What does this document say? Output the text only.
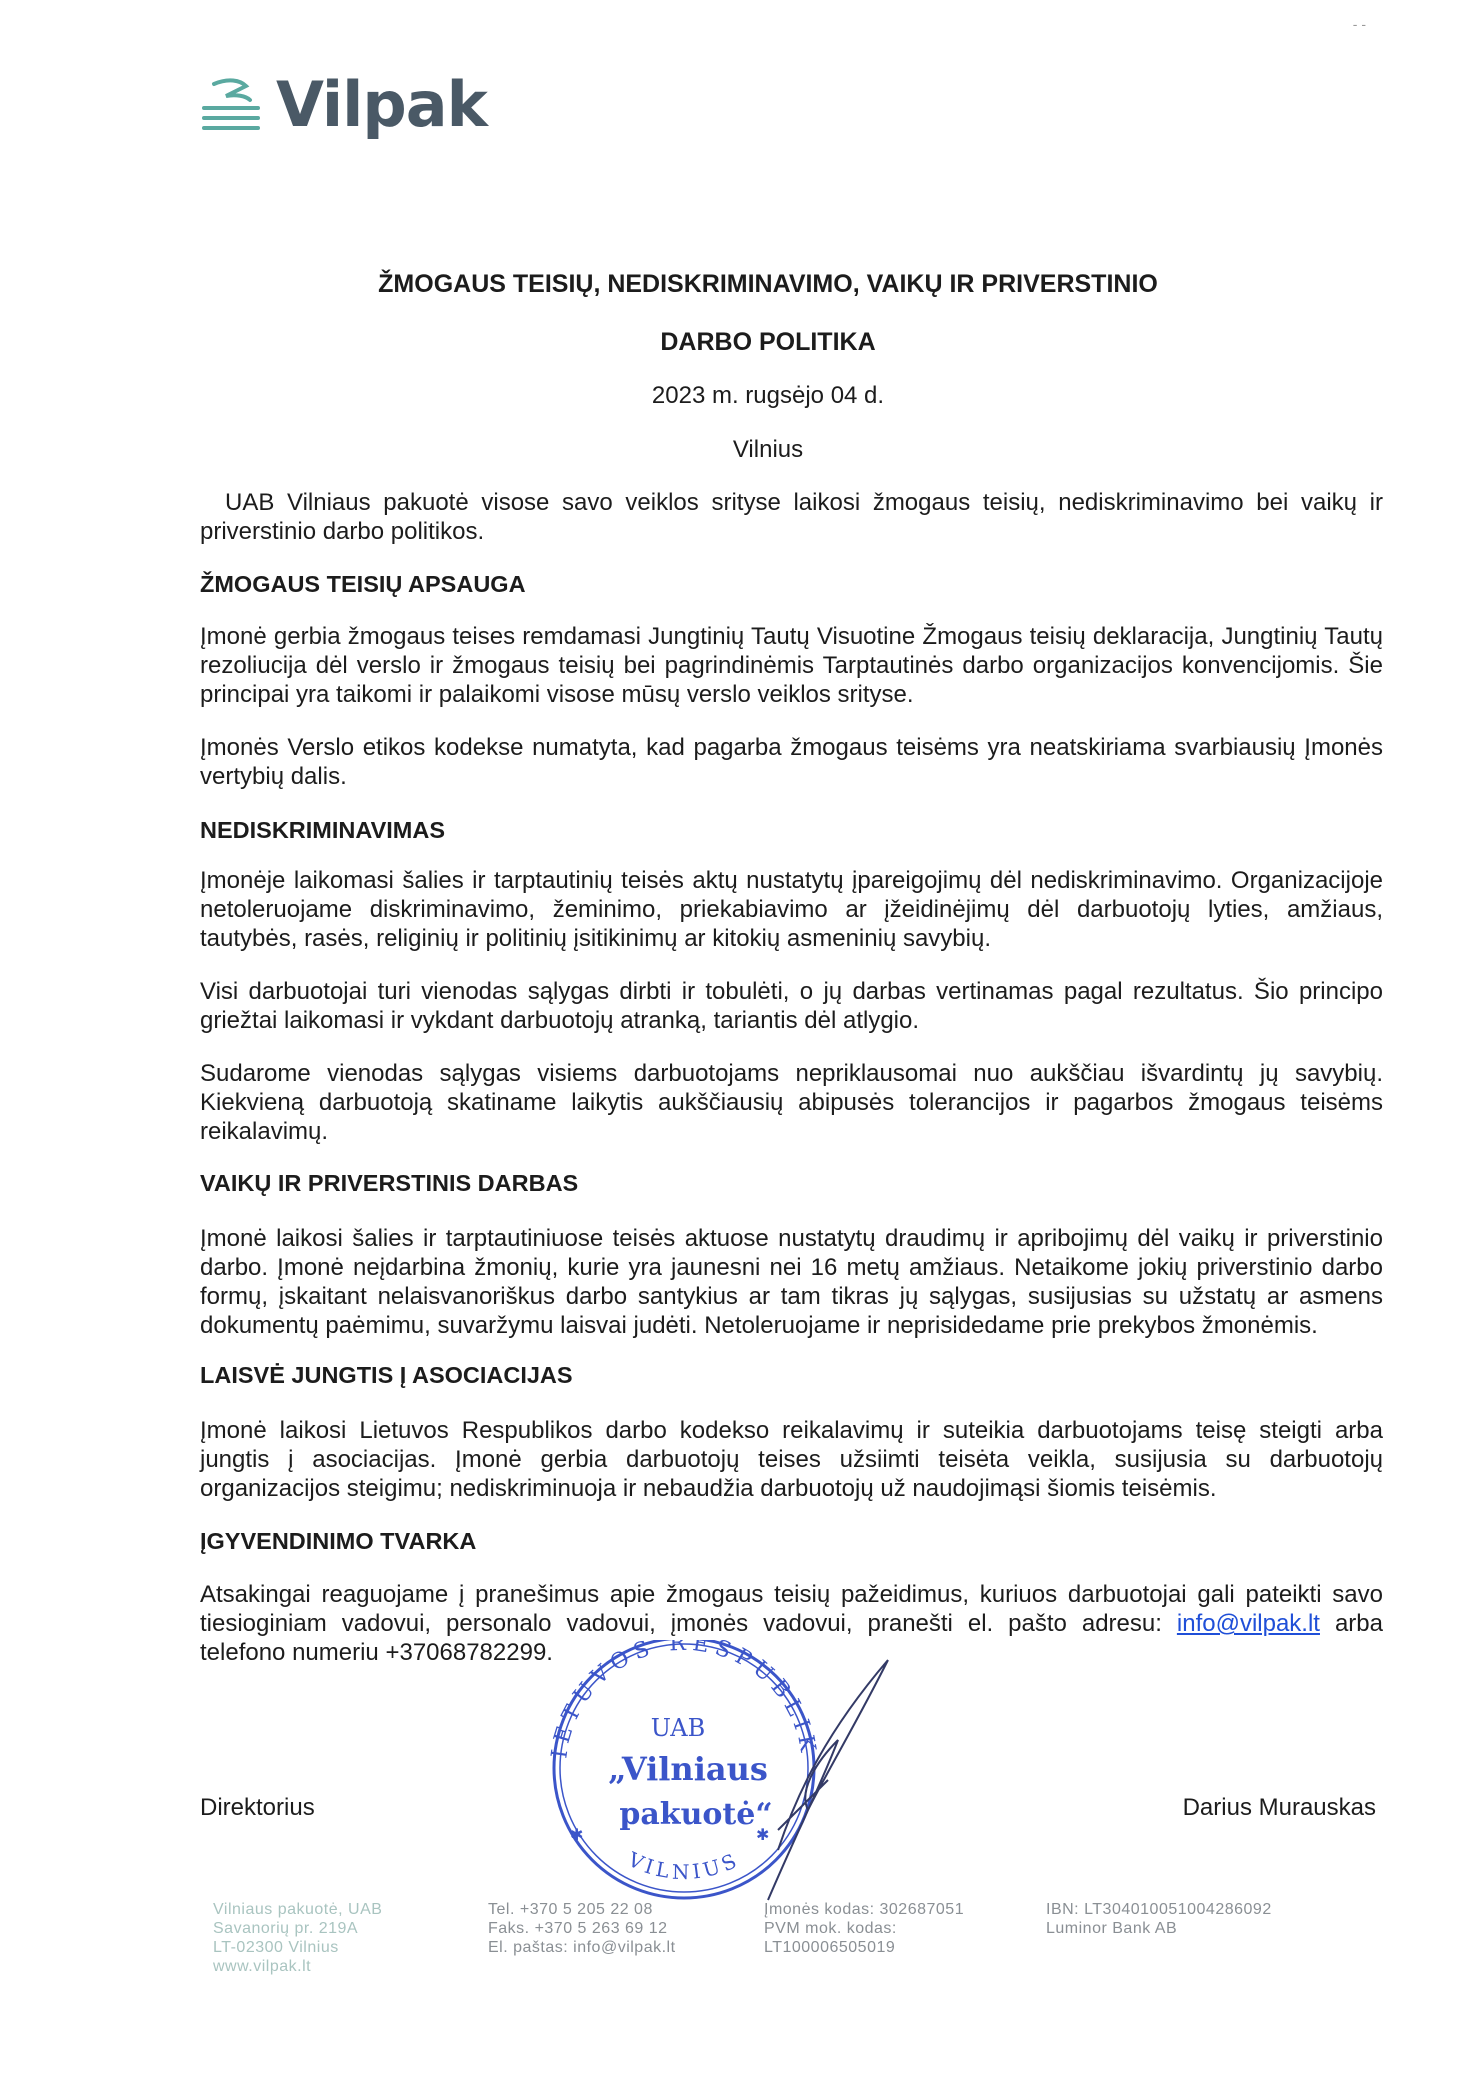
Vilpak
- -
ŽMOGAUS TEISIŲ, NEDISKRIMINAVIMO, VAIKŲ IR PRIVERSTINIO
DARBO POLITIKA
2023 m. rugsėjo 04 d.
Vilnius
UAB Vilniaus pakuotė visose savo veiklos srityse laikosi žmogaus teisių, nediskriminavimo bei vaikų ir priverstinio darbo politikos.
ŽMOGAUS TEISIŲ APSAUGA
Įmonė gerbia žmogaus teises remdamasi Jungtinių Tautų Visuotine Žmogaus teisių deklaracija, Jungtinių Tautų rezoliucija dėl verslo ir žmogaus teisių bei pagrindinėmis Tarptautinės darbo organizacijos konvencijomis. Šie principai yra taikomi ir palaikomi visose mūsų verslo veiklos srityse.
Įmonės Verslo etikos kodekse numatyta, kad pagarba žmogaus teisėms yra neatskiriama svarbiausių Įmonės vertybių dalis.
NEDISKRIMINAVIMAS
Įmonėje laikomasi šalies ir tarptautinių teisės aktų nustatytų įpareigojimų dėl nediskriminavimo. Organizacijoje netoleruojame diskriminavimo, žeminimo, priekabiavimo ar įžeidinėjimų dėl darbuotojų lyties, amžiaus, tautybės, rasės, religinių ir politinių įsitikinimų ar kitokių asmeninių savybių.
Visi darbuotojai turi vienodas sąlygas dirbti ir tobulėti, o jų darbas vertinamas pagal rezultatus. Šio principo griežtai laikomasi ir vykdant darbuotojų atranką, tariantis dėl atlygio.
Sudarome vienodas sąlygas visiems darbuotojams nepriklausomai nuo aukščiau išvardintų jų savybių. Kiekvieną darbuotoją skatiname laikytis aukščiausių abipusės tolerancijos ir pagarbos žmogaus teisėms reikalavimų.
VAIKŲ IR PRIVERSTINIS DARBAS
Įmonė laikosi šalies ir tarptautiniuose teisės aktuose nustatytų draudimų ir apribojimų dėl vaikų ir priverstinio darbo. Įmonė neįdarbina žmonių, kurie yra jaunesni nei 16 metų amžiaus. Netaikome jokių priverstinio darbo formų, įskaitant nelaisvanoriškus darbo santykius ar tam tikras jų sąlygas, susijusias su užstatų ar asmens dokumentų paėmimu, suvaržymu laisvai judėti. Netoleruojame ir neprisidedame prie prekybos žmonėmis.
LAISVĖ JUNGTIS Į ASOCIACIJAS
Įmonė laikosi Lietuvos Respublikos darbo kodekso reikalavimų ir suteikia darbuotojams teisę steigti arba jungtis į asociacijas. Įmonė gerbia darbuotojų teises užsiimti teisėta veikla, susijusia su darbuotojų organizacijos steigimu; nediskriminuoja ir nebaudžia darbuotojų už naudojimąsi šiomis teisėmis.
ĮGYVENDINIMO TVARKA
Atsakingai reaguojame į pranešimus apie žmogaus teisių pažeidimus, kuriuos darbuotojai gali pateikti savo tiesioginiam vadovui, personalo vadovui, įmonės vadovui, pranešti el. pašto adresu: info@vilpak.lt arba telefono numeriu +37068782299.
IETUVOS RESPUBLIK
VILNIUS
UAB
„Vilniaus
pakuotė“
✱	✱
Direktorius	Darius Murauskas
Vilniaus pakuotė, UAB
Savanorių pr. 219A
LT-02300 Vilnius
www.vilpak.lt
Tel. +370 5 205 22 08
Faks. +370 5 263 69 12
El. paštas: info@vilpak.lt
Įmonės kodas: 302687051
PVM mok. kodas:
LT100006505019
IBN: LT304010051004286092
Luminor Bank AB
